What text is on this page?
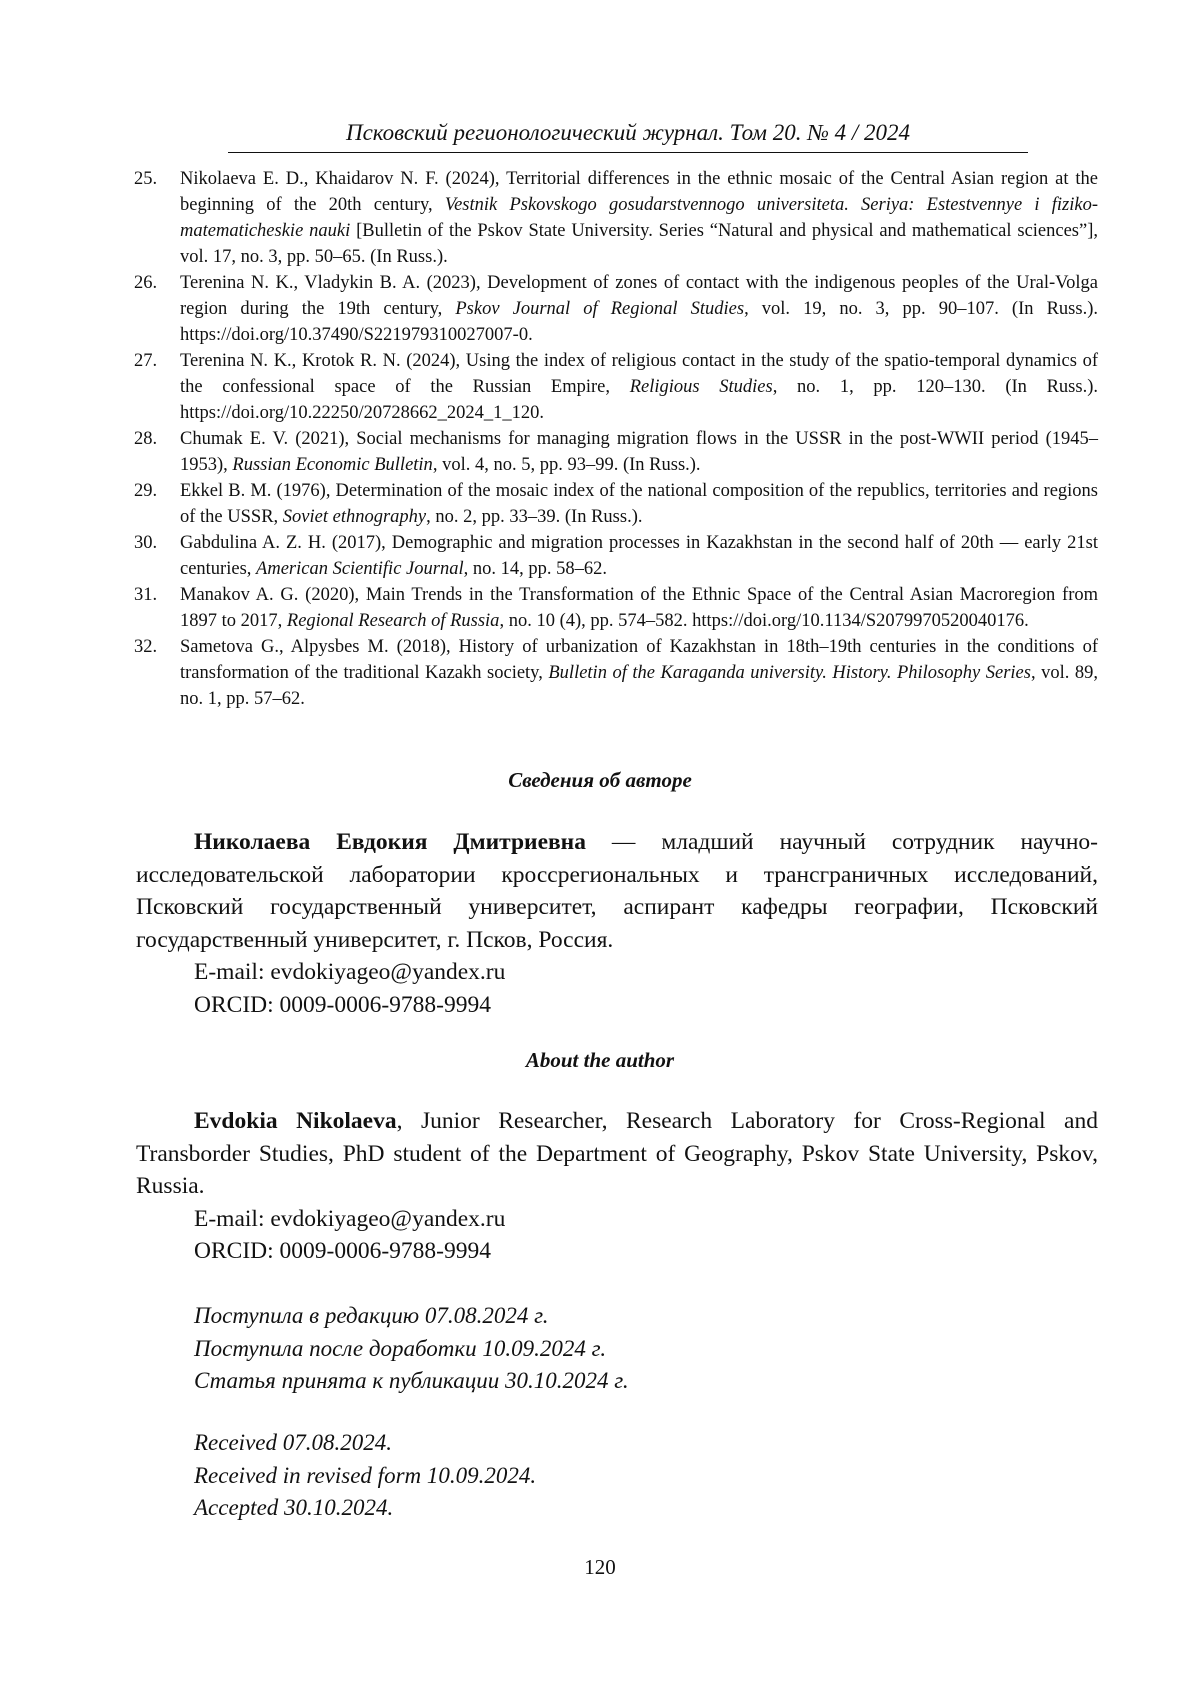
Псковский регионологический журнал. Том 20. № 4 / 2024
25.	Nikolaeva E. D., Khaidarov N. F. (2024), Territorial differences in the ethnic mosaic of the Central Asian region at the beginning of the 20th century, Vestnik Pskovskogo gosudarstvennogo universiteta. Seriya: Estestvennye i fiziko-matematicheskie nauki [Bulletin of the Pskov State University. Series “Natural and physical and mathematical sciences”], vol. 17, no. 3, pp. 50–65. (In Russ.).
26.	Terenina N. K., Vladykin B. A. (2023), Development of zones of contact with the indigenous peoples of the Ural-Volga region during the 19th century, Pskov Journal of Regional Studies, vol. 19, no. 3, pp. 90–107. (In Russ.). https://doi.org/10.37490/S221979310027007-0.
27.	Terenina N. K., Krotok R. N. (2024), Using the index of religious contact in the study of the spatio-temporal dynamics of the confessional space of the Russian Empire, Religious Studies, no. 1, pp. 120–130. (In Russ.). https://doi.org/10.22250/20728662_2024_1_120.
28.	Chumak E. V. (2021), Social mechanisms for managing migration flows in the USSR in the post-WWII period (1945–1953), Russian Economic Bulletin, vol. 4, no. 5, pp. 93–99. (In Russ.).
29.	Ekkel B. M. (1976), Determination of the mosaic index of the national composition of the republics, territories and regions of the USSR, Soviet ethnography, no. 2, pp. 33–39. (In Russ.).
30.	Gabdulina A. Z. H. (2017), Demographic and migration processes in Kazakhstan in the second half of 20th — early 21st centuries, American Scientific Journal, no. 14, pp. 58–62.
31.	Manakov A. G. (2020), Main Trends in the Transformation of the Ethnic Space of the Central Asian Macroregion from 1897 to 2017, Regional Research of Russia, no. 10 (4), pp. 574–582. https://doi.org/10.1134/S2079970520040176.
32.	Sametova G., Alpysbes M. (2018), History of urbanization of Kazakhstan in 18th–19th centuries in the conditions of transformation of the traditional Kazakh society, Bulletin of the Karaganda university. History. Philosophy Series, vol. 89, no. 1, pp. 57–62.
Сведения об авторе

Николаева Евдокия Дмитриевна — младший научный сотрудник научно-исследовательской лаборатории кроссрегиональных и трансграничных исследований, Псковский государственный университет, аспирант кафедры географии, Псковский государственный университет, г. Псков, Россия.

E-mail: evdokiyageo@yandex.ru
ORCID: 0009-0006-9788-9994
About the author

Evdokia Nikolaeva, Junior Researcher, Research Laboratory for Cross-Regional and Transborder Studies, PhD student of the Department of Geography, Pskov State University, Pskov, Russia.

E-mail: evdokiyageo@yandex.ru
ORCID: 0009-0006-9788-9994
Поступила в редакцию 07.08.2024 г.
Поступила после доработки 10.09.2024 г.
Статья принята к публикации 30.10.2024 г.
Received 07.08.2024.
Received in revised form 10.09.2024.
Accepted 30.10.2024.
120
